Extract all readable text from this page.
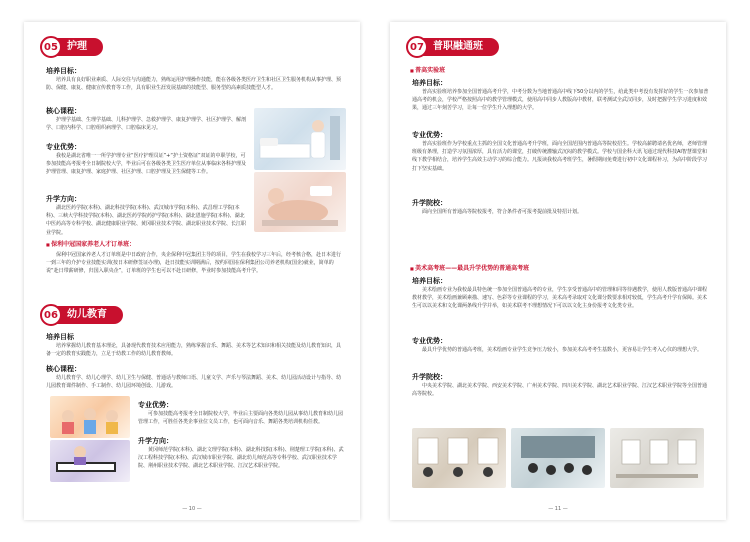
05 护理
培养目标：
培养具有良好职业素质、人际交往与沟通能力，熟练运用护理操作技能，能在各级各类医疗卫生和社区卫生服务机构从事护理、预防、保健、康复、健康宣传教育等工作，具有职业生涯发展基础的技能型、服务型的高素质技能型人才。
核心课程：
护理学基础、生理学基础、儿科护理学、急救护理学、康复护理学、社区护理学、解剖学、口腔内科学、口腔组织病理学、口腔临床见习。
专业优势：
我校是湖北省唯一一所学护理专业“医疗护理员证”+“护士资格证”双证的中职学校，可参加技能高考报考全日制院校大学，毕业后可在各级各类卫生医疗单位从事临床各科护理及护理管理、康复护理、家庭护理、社区护理、口腔护理及卫生保健等工作。
升学方向：
湖北医药学院(本科)、湖北科技学院(本科)、武汉城市学院(本科)、武昌理工学院(本科)、三峡大学科技学院(本科)、湖北医药学院药护学院(本科)、湖北恩施学院(本科)、湖北中医药高等专科学校、湖北健康职业学院、黄冈职业技术学院、湖北职业技术学院、长江职业学院。
■ 保利中冠国家养老人才订单班：
保利中冠国家养老人才订单班是中日政府合作，央企保利中冠集团主导的项目，学生在我校学习三年后，经考核合格，赴日本进行一到三年的介护专业技能实训(按日本研修签证办理)，赴日技能实训期满后，按约回国在保利集团公司养老机构(国企)就业，简单的说“赴日带薪研修，归国入职央企”，订单班的学生也可以不赴日研修，毕业时参加技能高考升学。
06 幼儿教育
培养目标
培养掌握幼儿教育基本理论，具备现代教育技术应用能力，熟练掌握音乐、舞蹈、美术等艺术知识和相关技能及幼儿教育知识，具备一定的教育实践能力，立足于幼教工作的幼儿教育教师。
核心课程：
幼儿教育学、幼儿心理学、幼儿卫生与保健、普通话与教师口语、儿童文学、声乐与琴法舞蹈、美术、幼儿园活动设计与指导、幼儿园教育课件制作、手工制作、幼儿园环境创设、儿游戏。
专业优势：
可参加技能高考报考全日制院校大学，毕业后主要面向各类幼儿园从事幼儿教育和幼儿园管理工作，可胜任各类企事业位文员工作，也可面向音乐、舞蹈各类培训机构任教。
升学方向：
黄冈师范学院(本科)、湖北文理学院(本科)、湖北科技院(本科)、荆楚理工学院(本科)、武汉工程科技学院(本科)、武汉城市职业学院、湖北幼儿师范高等专科学校、武汉职业技术学院、荆州职业技术学院、湖北艺术职业学院、江汉艺术职业学院。
— 10 —
07 普职融通班
■ 普高实验班
培养目标：
普高实验班培养参加全国普通高考升学，中考分数为当地普通高中线下50分以内的学生，给此类中考没有发挥好的学生一次参加普通高考的机会，学校严格按照高中的教学管理模式，使用高中同步人教版高中教材，联考测试全武汉同步，及时把握学生学习进度和效果，通过三年刻苦学习，让每一位学生升入理想的大学。
专业优势：
普高实验班作为学校重点主抓的全国文化普通高考升学班，面向全国范围内普通高等院校招生。学校高薪聘请名优名师，老师管理班级有条理，打造学习氛围浓厚，具有活力的课堂，打破传统灌输式沉闷的教学模式。学校与国企科大讯飞通过现代科技AI智慧课堂和线下教学相结合，培养学生高效主动学习的综合能力。凡报读我校高考班学生，暑假期间免费进行初中文化课程补习，为高中阶段学习打下坚实基础。
升学院校：
面向全国所有普通高等院校报考，符合条件者可报考提前批及特招计划。
■ 美术高考班——最具升学优势的普通高考班
培养目标：
美术绘画专业为我校最具特色统一参加全国普通高考的专业，学生享受普通高中的管理和同等待遇教学，使用人教版普通高中课程教材教学，美术绘画兼顾素描、速写、色彩等专业课程的学习，美术高考录取对文化课分数要求相对较低，学生高考升学有保障。美术生可以以美术和文化课两条线升学并举，如美术联考不理想情况下可以以文化主身份报考文化类专业。
专业优势：
最具升学优势的普通高考班，美术绘画专业学生竞争压力较小，参加美术高考考生基数小，更容易让学生考入心仪的理想大学。
升学院校：
中央美术学院、湖北美术学院、西安美术学院、广州美术学院、四川美术学院、湖北艺术职业学院、江汉艺术职业学院等全国普通高等院校。
— 11 —
